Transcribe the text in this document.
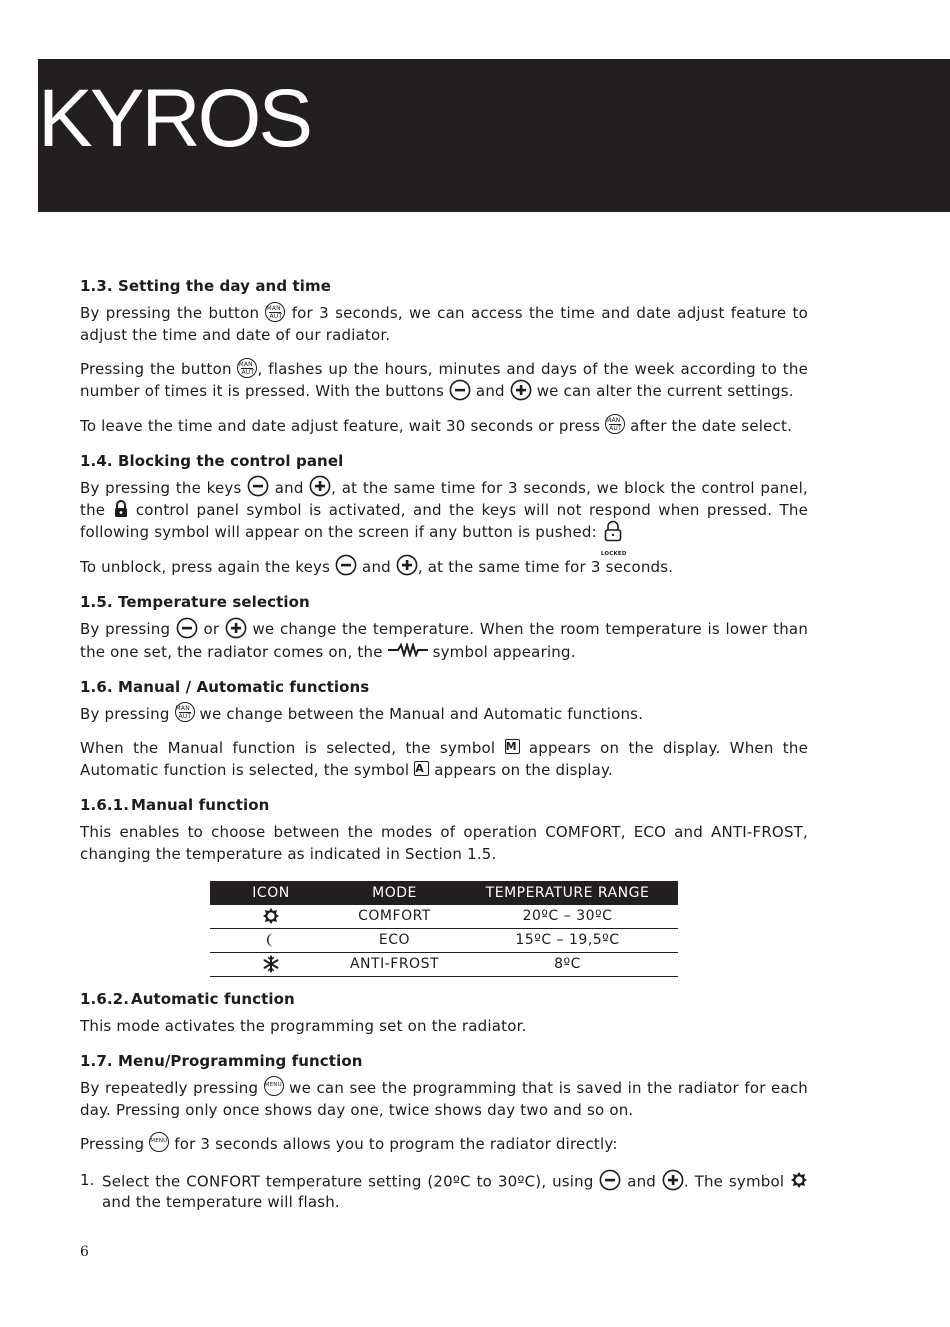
KYROS
1.3. Setting the day and time

By pressing the button MAN
AUT for 3 seconds, we can access the time and date adjust feature to adjust the time and date of our radiator.

Pressing the button MAN
AUT , flashes up the hours, minutes and days of the week according to the number of times it is pressed. With the buttons and we can alter the current settings.

To leave the time and date adjust feature, wait 30 seconds or press MAN
AUT after the date select.

1.4. Blocking the control panel

By pressing the keys and , at the same time for 3 seconds, we block the control panel, the control panel symbol is activated, and the keys will not respond when pressed. The following symbol will appear on the screen if any button is pushed:
LOCKED

To unblock, press again the keys and , at the same time for 3 seconds.

1.5. Temperature selection

By pressing or we change the temperature. When the room temperature is lower than the one set, the radiator comes on, the	symbol appearing.

1.6. Manual / Automatic functions

By pressing MAN
AUT we change between the Manual and Automatic functions.

When the Manual function is selected, the symbol M appears on the display. When the Automatic function is selected, the symbol A appears on the display.

1.6.1. Manual function

This enables to choose between the modes of operation COMFORT, ECO and ANTI-FROST, changing the temperature as indicated in Section 1.5.

ICON	MODE	TEMPERATURE RANGE
	COMFORT	20ºC – 30ºC
	ECO	15ºC – 19,5ºC
	ANTI-FROST	8ºC
1.6.2. Automatic function

This mode activates the programming set on the radiator.

1.7. Menu/Programming function

By repeatedly pressing MENU we can see the programming that is saved in the radiator for each day. Pressing only once shows day one, twice shows day two and so on.

Pressing MENU for 3 seconds allows you to program the radiator directly:

1. Select the CONFORT temperature setting (20ºC to 30ºC), using and . The symbol  and the temperature will flash.

6
